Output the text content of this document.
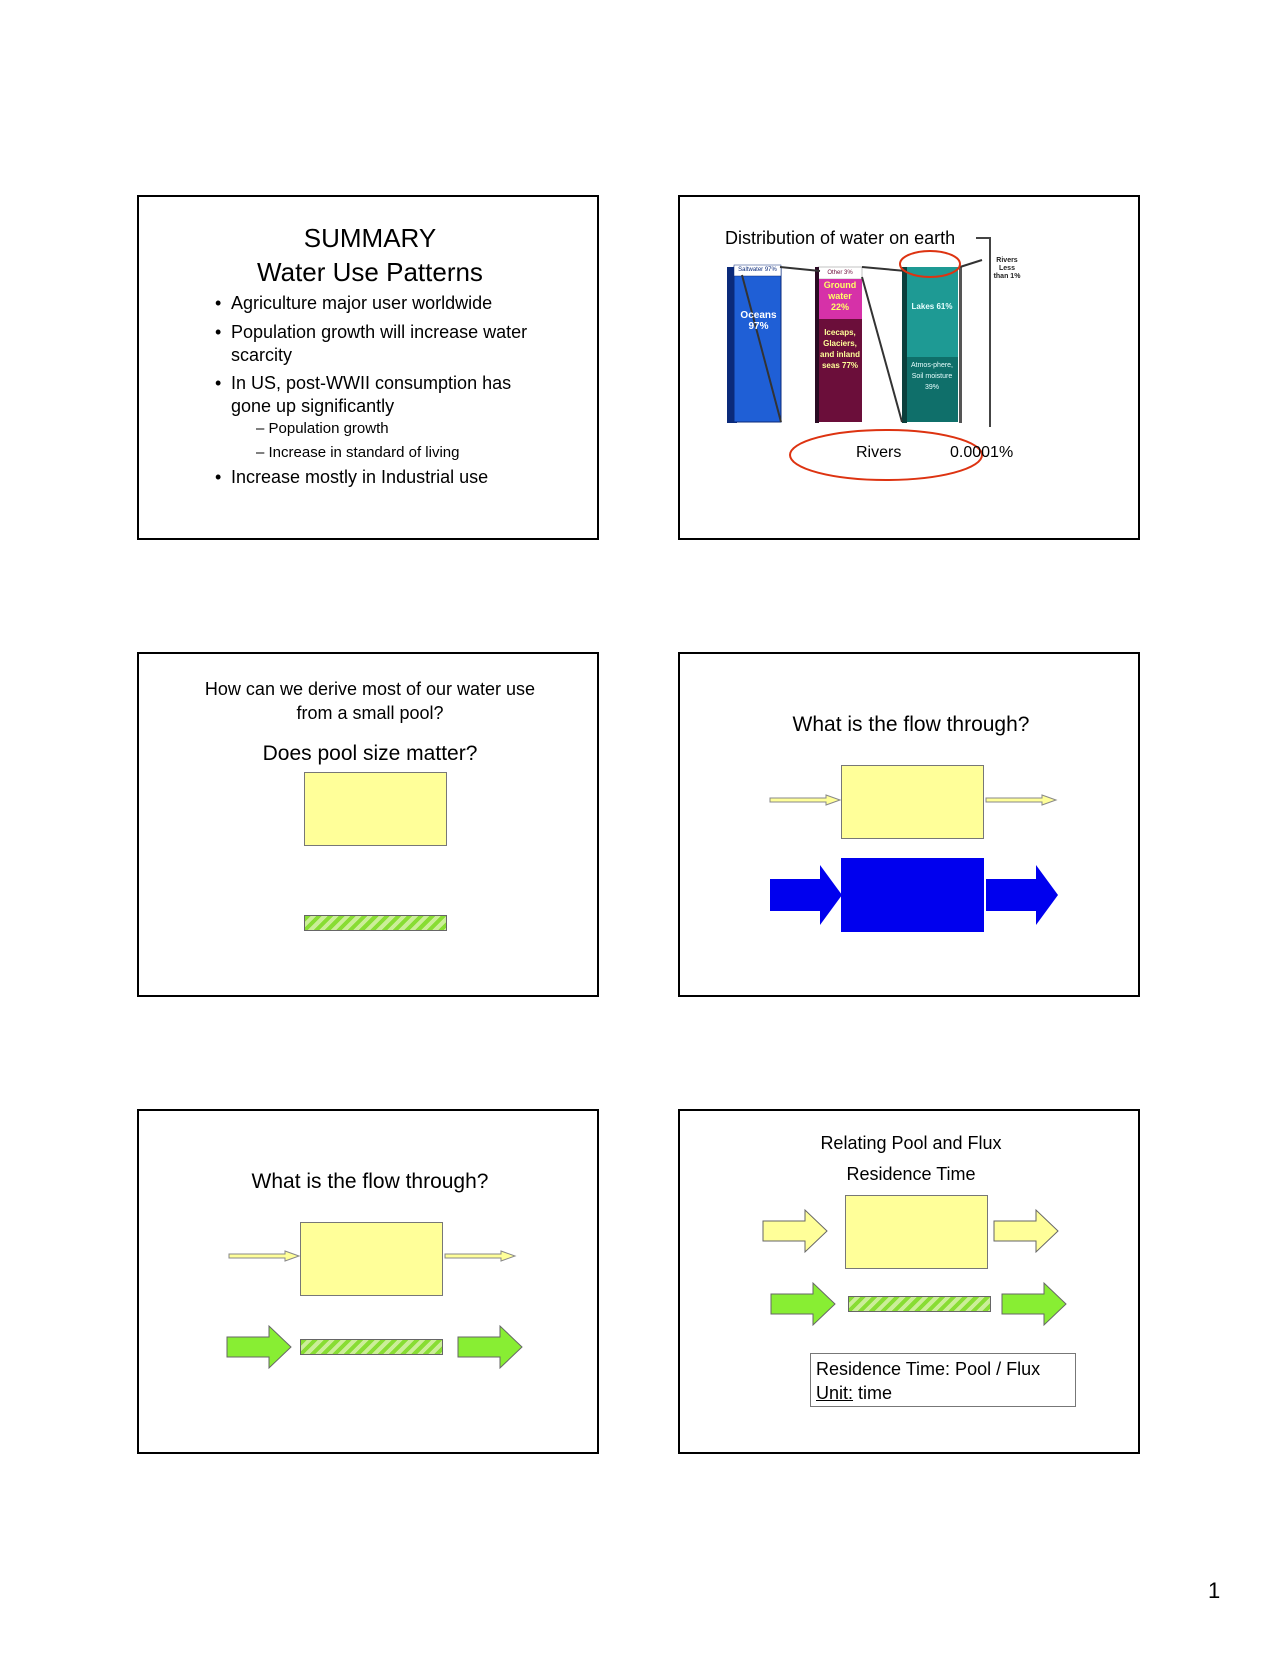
SUMMARY
Water Use Patterns
• Agriculture major user worldwide
• Population growth will increase water scarcity
• In US, post-WWII consumption has gone up significantly
– Population growth
– Increase in standard of living
• Increase mostly in Industrial use
Distribution of water on earth
Saltwater 97%
Oceans 97%
Other 3%
Ground water 22%
Icecaps, Glaciers, and inland seas 77%
Lakes 61%
Atmos-phere, Soil moisture 39%
Rivers Less than 1%
Rivers	0.0001%
How can we derive most of our water use
from a small pool?
Does pool size matter?
What is the flow through?
What is the flow through?
Relating Pool and Flux
Residence Time
Residence Time: Pool / Flux
Unit: time
1
